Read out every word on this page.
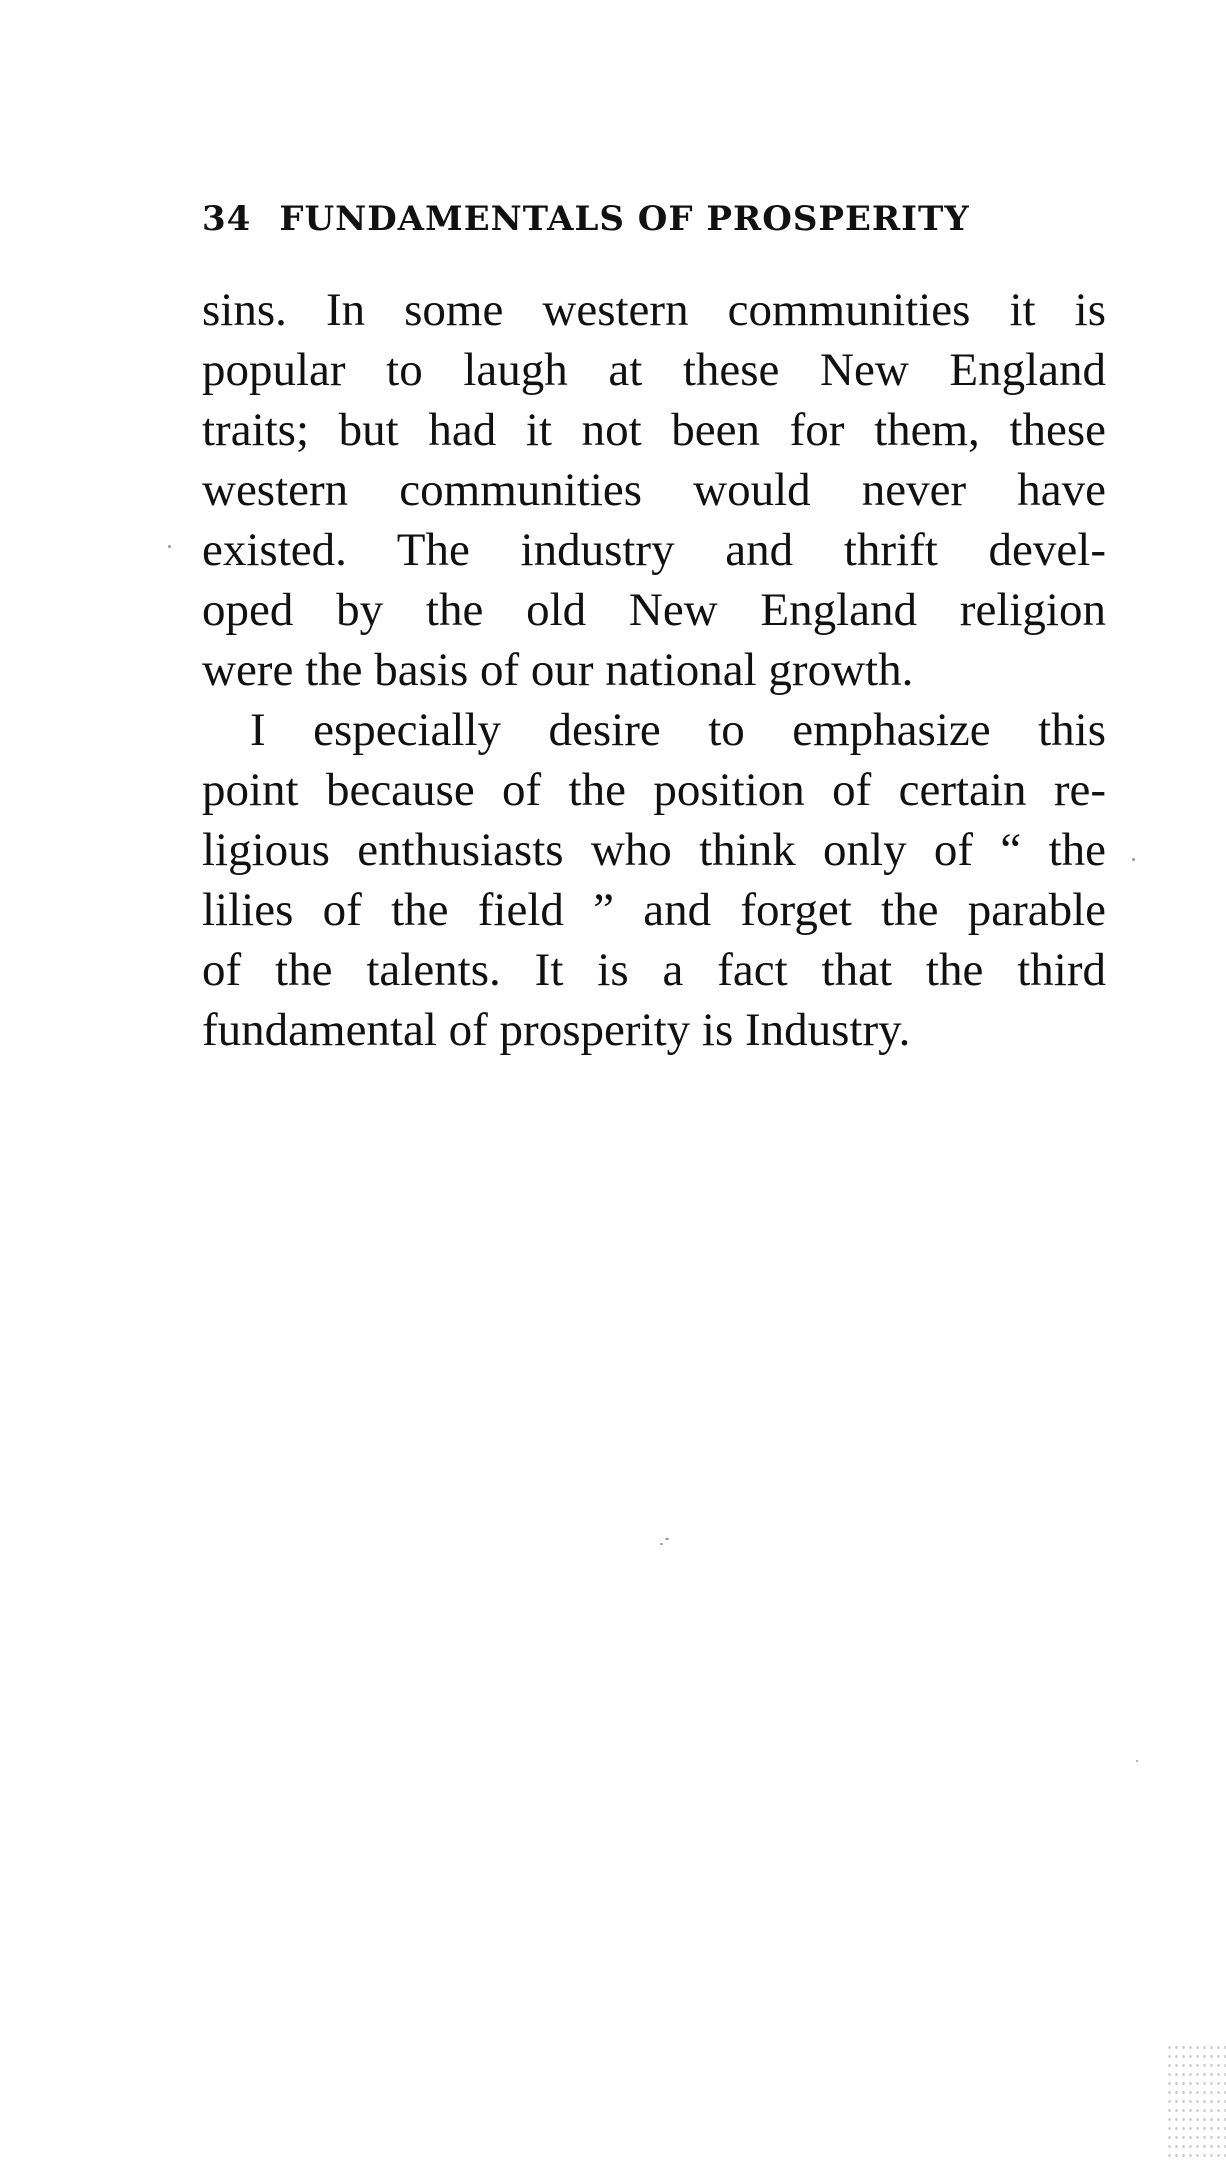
34 FUNDAMENTALS OF PROSPERITY
sins. In some western communities it is
popular to laugh at these New England
traits; but had it not been for them, these
western communities would never have
existed. The industry and thrift devel-
oped by the old New England religion
were the basis of our national growth.
I especially desire to emphasize this
point because of the position of certain re-
ligious enthusiasts who think only of “ the
lilies of the field ” and forget the parable
of the talents. It is a fact that the third
fundamental of prosperity is Industry.
